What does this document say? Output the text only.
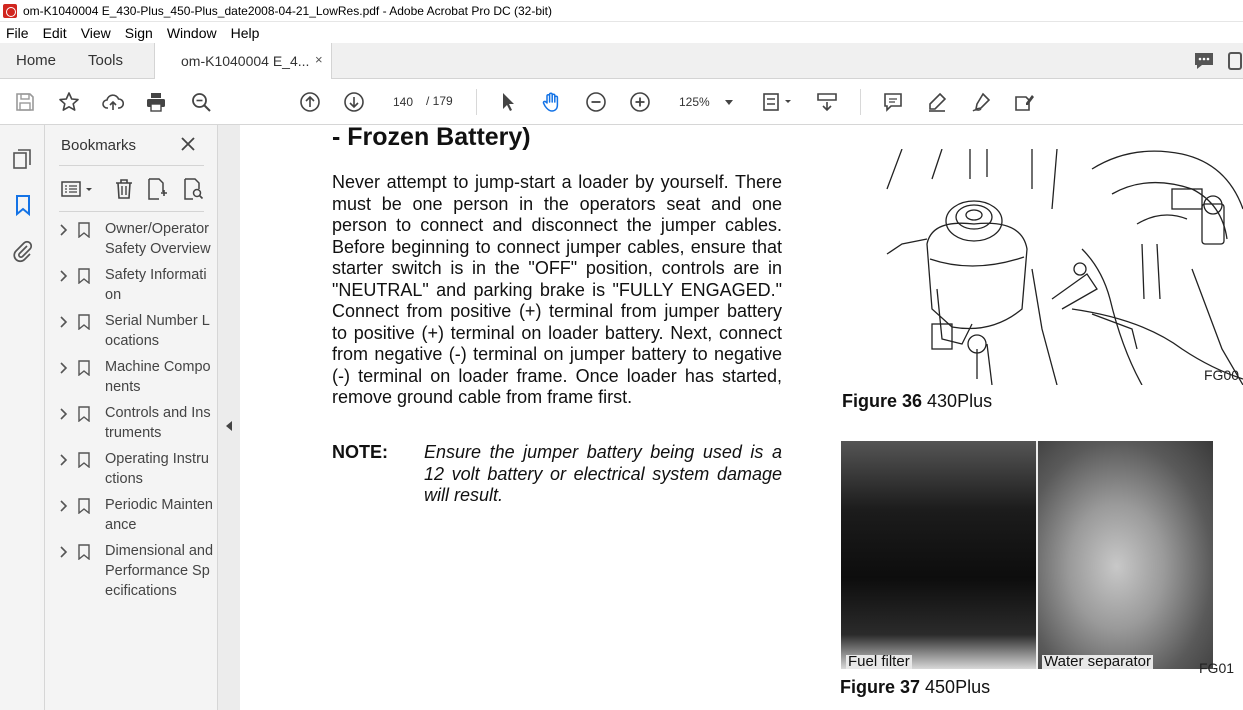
om-K1040004 E_430-Plus_450-Plus_date2008-04-21_LowRes.pdf - Adobe Acrobat Pro DC (32-bit)
File	Edit	View	Sign	Window	Help
Home Tools	om-K1040004 E_4... ×
140	/ 179	125%
Bookmarks
Owner/Operator Safety Overview
Safety Information
Serial Number Locations
Machine Components
Controls and Instruments
Operating Instructions
Periodic Maintenance
Dimensional and Performance Specifications
- Frozen Battery)
Never attempt to jump-start a loader by yourself. There must be one person in the operators seat and one person to connect and disconnect the jumper cables. Before beginning to connect jumper cables, ensure that starter switch is in the "OFF" position, controls are in "NEUTRAL" and parking brake is "FULLY ENGAGED." Connect from positive (+) terminal from jumper battery to positive (+) terminal on loader battery. Next, connect from negative (-) terminal on jumper battery to negative (-) terminal on loader frame. Once loader has started, remove ground cable from frame first.
NOTE: Ensure the jumper battery being used is a 12 volt battery or electrical system damage will result.
FG00
Figure 36 430Plus
Fuel filter	Water separator	FG01
Figure 37 450Plus
